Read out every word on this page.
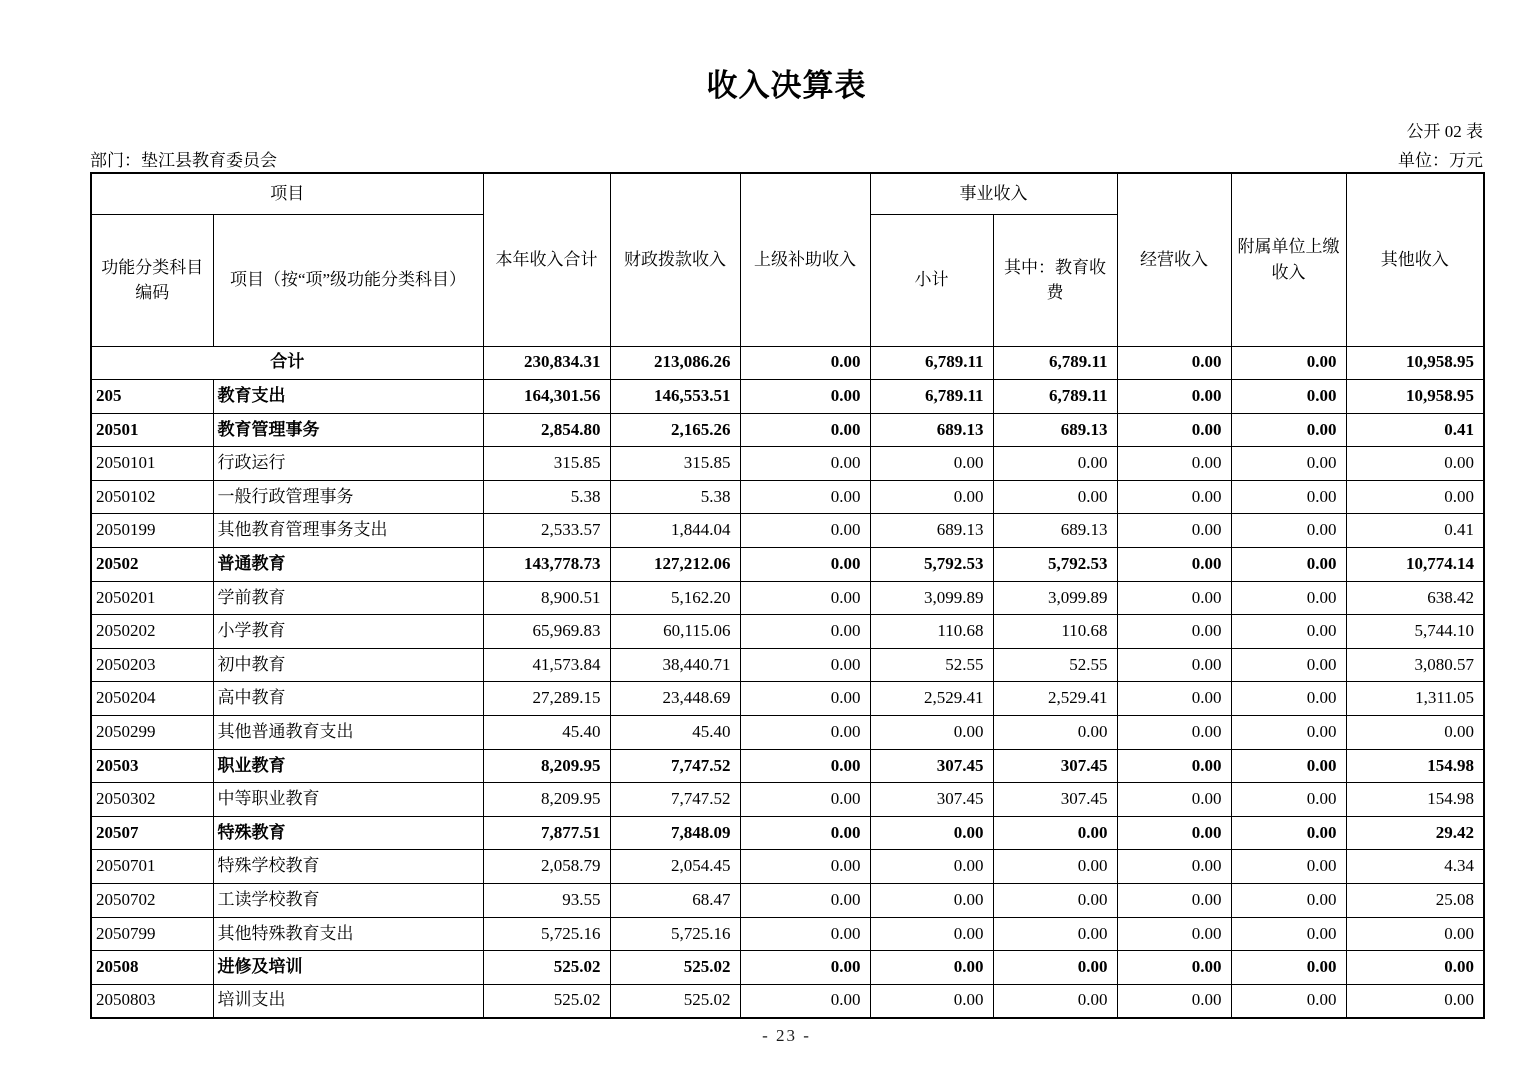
收入决算表
公开 02 表
部门：垫江县教育委员会	单位：万元
项目		本年收入合计	财政拨款收入	上级补助收入	事业收入		经营收入	附属单位上缴收入	其他收入
功能分类科目编码	项目（按“项”级功能分类科目）				小计	其中：教育收费			
合计		230,834.31	213,086.26	0.00	6,789.11	6,789.11	0.00	0.00	10,958.95
205	教育支出	164,301.56	146,553.51	0.00	6,789.11	6,789.11	0.00	0.00	10,958.95
20501	教育管理事务	2,854.80	2,165.26	0.00	689.13	689.13	0.00	0.00	0.41
2050101	行政运行	315.85	315.85	0.00	0.00	0.00	0.00	0.00	0.00
2050102	一般行政管理事务	5.38	5.38	0.00	0.00	0.00	0.00	0.00	0.00
2050199	其他教育管理事务支出	2,533.57	1,844.04	0.00	689.13	689.13	0.00	0.00	0.41
20502	普通教育	143,778.73	127,212.06	0.00	5,792.53	5,792.53	0.00	0.00	10,774.14
2050201	学前教育	8,900.51	5,162.20	0.00	3,099.89	3,099.89	0.00	0.00	638.42
2050202	小学教育	65,969.83	60,115.06	0.00	110.68	110.68	0.00	0.00	5,744.10
2050203	初中教育	41,573.84	38,440.71	0.00	52.55	52.55	0.00	0.00	3,080.57
2050204	高中教育	27,289.15	23,448.69	0.00	2,529.41	2,529.41	0.00	0.00	1,311.05
2050299	其他普通教育支出	45.40	45.40	0.00	0.00	0.00	0.00	0.00	0.00
20503	职业教育	8,209.95	7,747.52	0.00	307.45	307.45	0.00	0.00	154.98
2050302	中等职业教育	8,209.95	7,747.52	0.00	307.45	307.45	0.00	0.00	154.98
20507	特殊教育	7,877.51	7,848.09	0.00	0.00	0.00	0.00	0.00	29.42
2050701	特殊学校教育	2,058.79	2,054.45	0.00	0.00	0.00	0.00	0.00	4.34
2050702	工读学校教育	93.55	68.47	0.00	0.00	0.00	0.00	0.00	25.08
2050799	其他特殊教育支出	5,725.16	5,725.16	0.00	0.00	0.00	0.00	0.00	0.00
20508	进修及培训	525.02	525.02	0.00	0.00	0.00	0.00	0.00	0.00
2050803	培训支出	525.02	525.02	0.00	0.00	0.00	0.00	0.00	0.00
- 23 -
